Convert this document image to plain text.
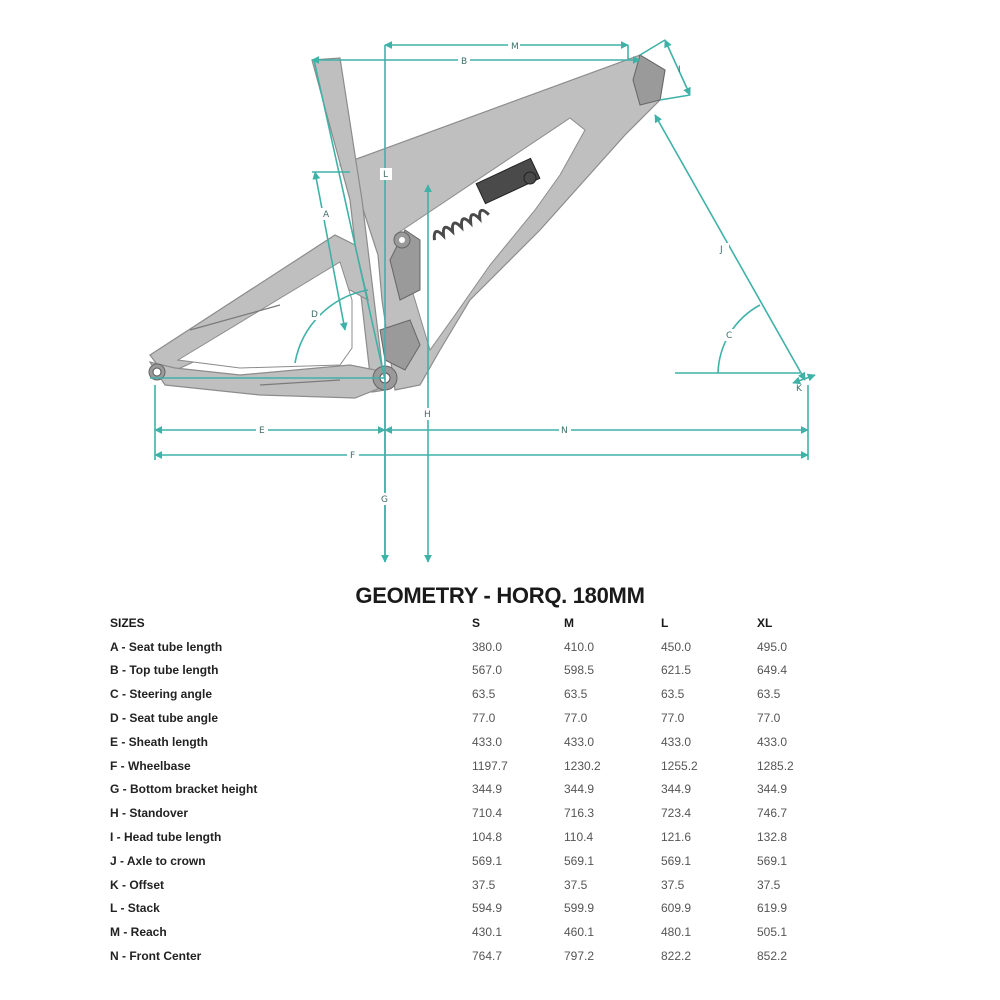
M
B
I
L
A
D
J
C
K
H
E	N
F
G
GEOMETRY - HORQ. 180MM
SIZES	S	M	L	XL
A - Seat tube length	380.0	410.0	450.0	495.0
B - Top tube length	567.0	598.5	621.5	649.4
C - Steering angle	63.5	63.5	63.5	63.5
D - Seat tube angle	77.0	77.0	77.0	77.0
E - Sheath length	433.0	433.0	433.0	433.0
F - Wheelbase	1197.7	1230.2	1255.2	1285.2
G - Bottom bracket height	344.9	344.9	344.9	344.9
H - Standover	710.4	716.3	723.4	746.7
I - Head tube length	104.8	110.4	121.6	132.8
J - Axle to crown	569.1	569.1	569.1	569.1
K - Offset	37.5	37.5	37.5	37.5
L - Stack	594.9	599.9	609.9	619.9
M - Reach	430.1	460.1	480.1	505.1
N - Front Center	764.7	797.2	822.2	852.2
